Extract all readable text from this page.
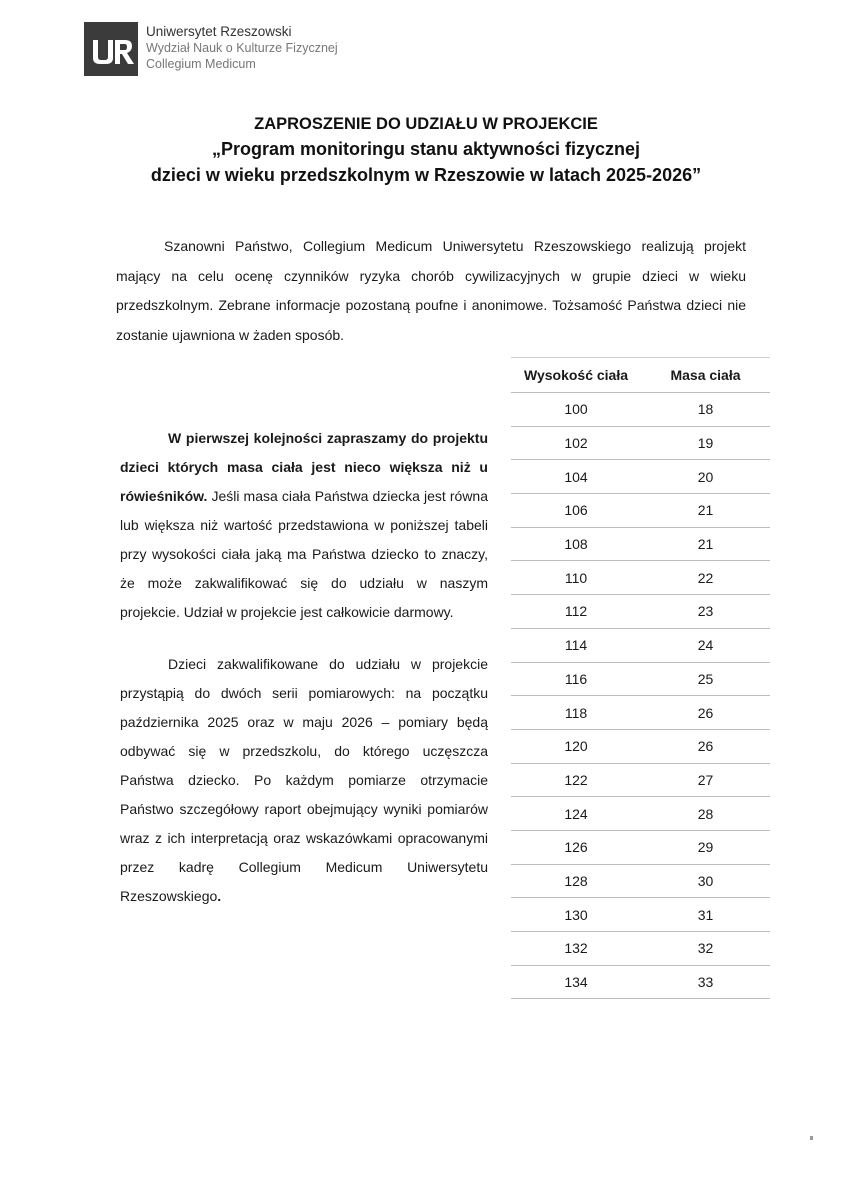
Uniwersytet Rzeszowski
Wydział Nauk o Kulturze Fizycznej
Collegium Medicum
ZAPROSZENIE DO UDZIAŁU W PROJEKCIE
„Program monitoringu stanu aktywności fizycznej
dzieci w wieku przedszkolnym w Rzeszowie w latach 2025-2026”
Szanowni Państwo, Collegium Medicum Uniwersytetu Rzeszowskiego realizują projekt mający na celu ocenę czynników ryzyka chorób cywilizacyjnych w grupie dzieci w wieku przedszkolnym. Zebrane informacje pozostaną poufne i anonimowe. Tożsamość Państwa dzieci nie zostanie ujawniona w żaden sposób.
W pierwszej kolejności zapraszamy do projektu dzieci których masa ciała jest nieco większa niż u rówieśników. Jeśli masa ciała Państwa dziecka jest równa lub większa niż wartość przedstawiona w poniższej tabeli przy wysokości ciała jaką ma Państwa dziecko to znaczy, że może zakwalifikować się do udziału w naszym projekcie. Udział w projekcie jest całkowicie darmowy.
Dzieci zakwalifikowane do udziału w projekcie przystąpią do dwóch serii pomiarowych: na początku października 2025 oraz w maju 2026 – pomiary będą odbywać się w przedszkolu, do którego uczęszcza Państwa dziecko. Po każdym pomiarze otrzymacie Państwo szczegółowy raport obejmujący wyniki pomiarów wraz z ich interpretacją oraz wskazówkami opracowanymi przez kadrę Collegium Medicum Uniwersytetu Rzeszowskiego.
Wysokość ciała	Masa ciała
100	18
102	19
104	20
106	21
108	21
110	22
112	23
114	24
116	25
118	26
120	26
122	27
124	28
126	29
128	30
130	31
132	32
134	33
